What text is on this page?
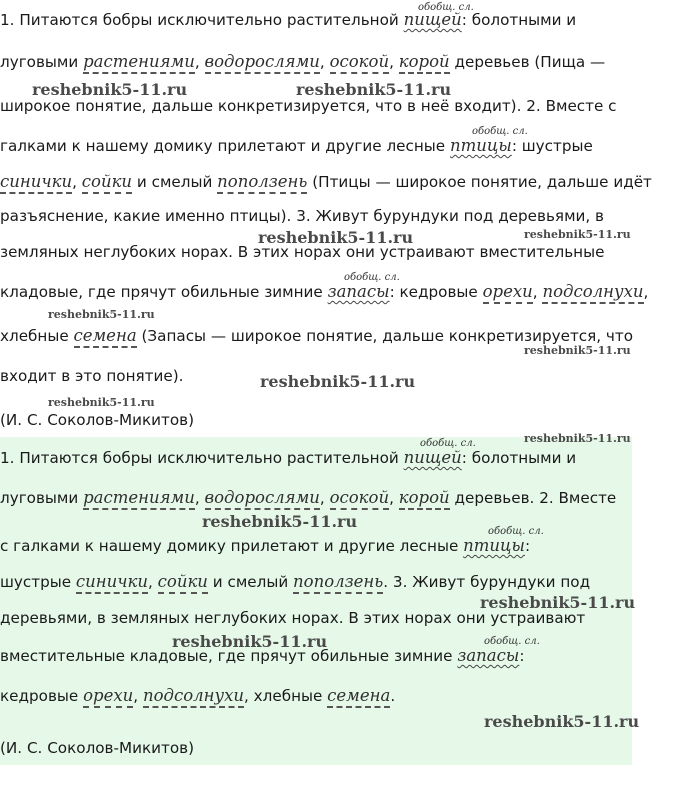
обобщ. сл.
1. Питаются бобры исключительно растительной пищей: болотными и
луговыми растениями, водорослями, осокой, корой деревьев (Пища —
широкое понятие, дальше конкретизируется, что в неё входит). 2. Вместе с
обобщ. сл.
галками к нашему домику прилетают и другие лесные птицы: шустрые
синички, сойки и смелый поползень (Птицы — широкое понятие, дальше идёт
разъяснение, какие именно птицы). 3. Живут бурундуки под деревьями, в
земляных неглубоких норах. В этих норах они устраивают вместительные
обобщ. сл.
кладовые, где прячут обильные зимние запасы: кедровые орехи, подсолнухи,
хлебные семена (Запасы — широкое понятие, дальше конкретизируется, что
входит в это понятие).
(И. С. Соколов-Микитов)
обобщ. сл.
1. Питаются бобры исключительно растительной пищей: болотными и
луговыми растениями, водорослями, осокой, корой деревьев. 2. Вместе
обобщ. сл.
с галками к нашему домику прилетают и другие лесные птицы:
шустрые синички, сойки и смелый поползень. 3. Живут бурундуки под
деревьями, в земляных неглубоких норах. В этих норах они устраивают
обобщ. сл.
вместительные кладовые, где прячут обильные зимние запасы:
кедровые орехи, подсолнухи, хлебные семена.
(И. С. Соколов-Микитов)
reshebnik5-11.ru	reshebnik5-11.ru
reshebnik5-11.ru	reshebnik5-11.ru
reshebnik5-11.ru
reshebnik5-11.ru
reshebnik5-11.ru
reshebnik5-11.ru
reshebnik5-11.ru
reshebnik5-11.ru
reshebnik5-11.ru
reshebnik5-11.ru
reshebnik5-11.ru
